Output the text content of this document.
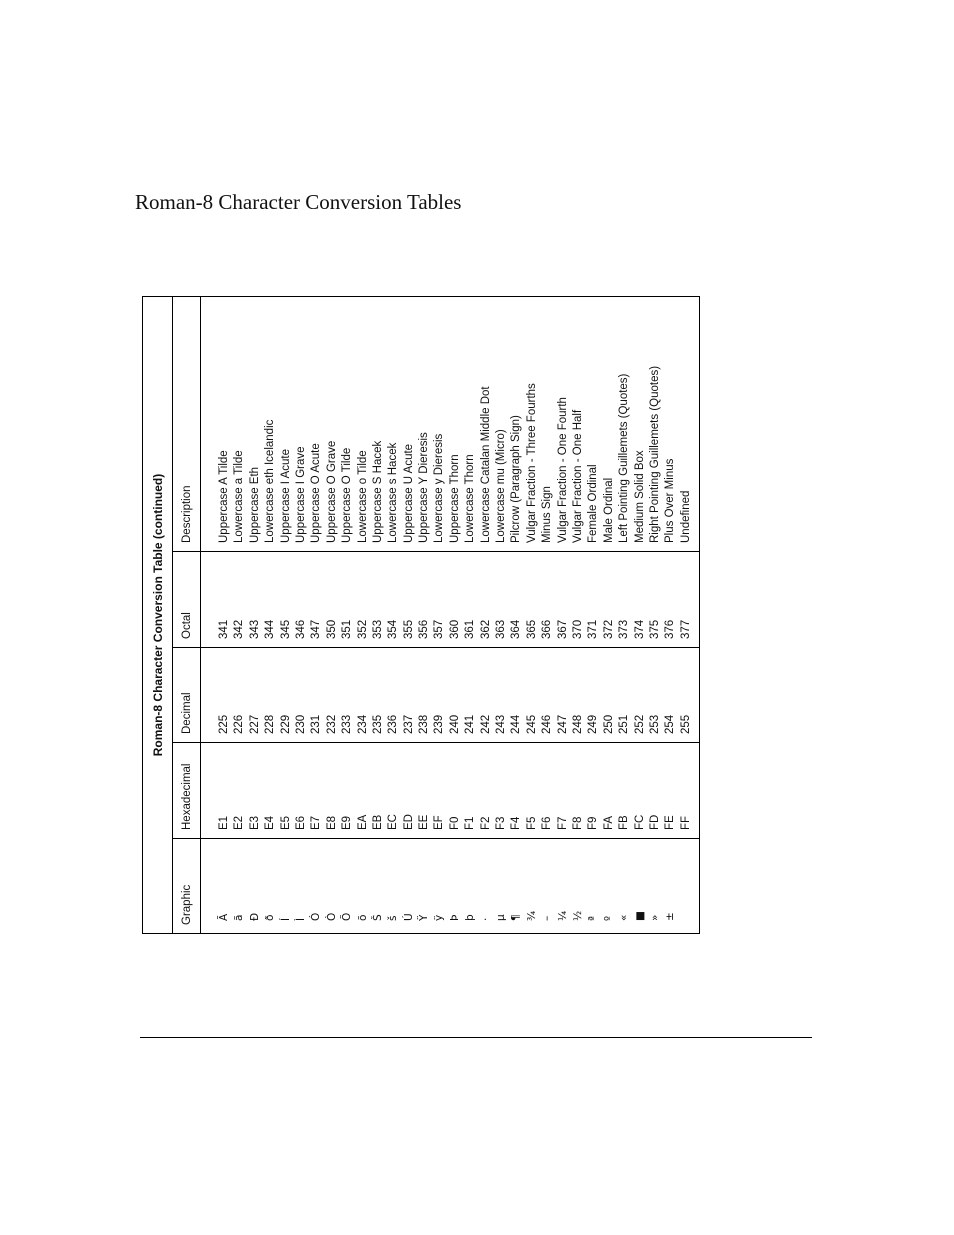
Roman-8 Character Conversion Tables
Roman-8 Character Conversion Table (continued)
Graphic
Hexadecimal
Decimal
Octal
Description
Ã ã Ð ð Í Ì Ó Ò Õ õ Š š Ú Ÿ ÿ Þ þ · µ ¶ ¾ – ¼ ½ ª º « ■ » ±
E1 E2 E3 E4 E5 E6 E7 E8 E9 EA EB EC ED EE EF F0 F1 F2 F3 F4 F5 F6 F7 F8 F9 FA FB FC FD FE FF
225 226 227 228 229 230 231 232 233 234 235 236 237 238 239 240 241 242 243 244 245 246 247 248 249 250 251 252 253 254 255
341 342 343 344 345 346 347 350 351 352 353 354 355 356 357 360 361 362 363 364 365 366 367 370 371 372 373 374 375 376 377
Uppercase A Tilde Lowercase a Tilde Uppercase Eth Lowercase eth Icelandic Uppercase I Acute Uppercase I Grave Uppercase O Acute Uppercase O Grave Uppercase O Tilde Lowercase o Tilde Uppercase S Hacek Lowercase s Hacek Uppercase U Acute Uppercase Y Dieresis Lowercase y Dieresis Uppercase Thorn Lowercase Thorn Lowercase Catalan Middle Dot Lowercase mu (Micro) Pilcrow (Paragraph Sign) Vulgar Fraction - Three Fourths Minus Sign Vulgar Fraction - One Fourth Vulgar Fraction - One Half Female Ordinal Male Ordinal Left Pointing Guillemets (Quotes) Medium Solid Box Right Pointing Guillemets (Quotes) Plus Over Minus Undefined
